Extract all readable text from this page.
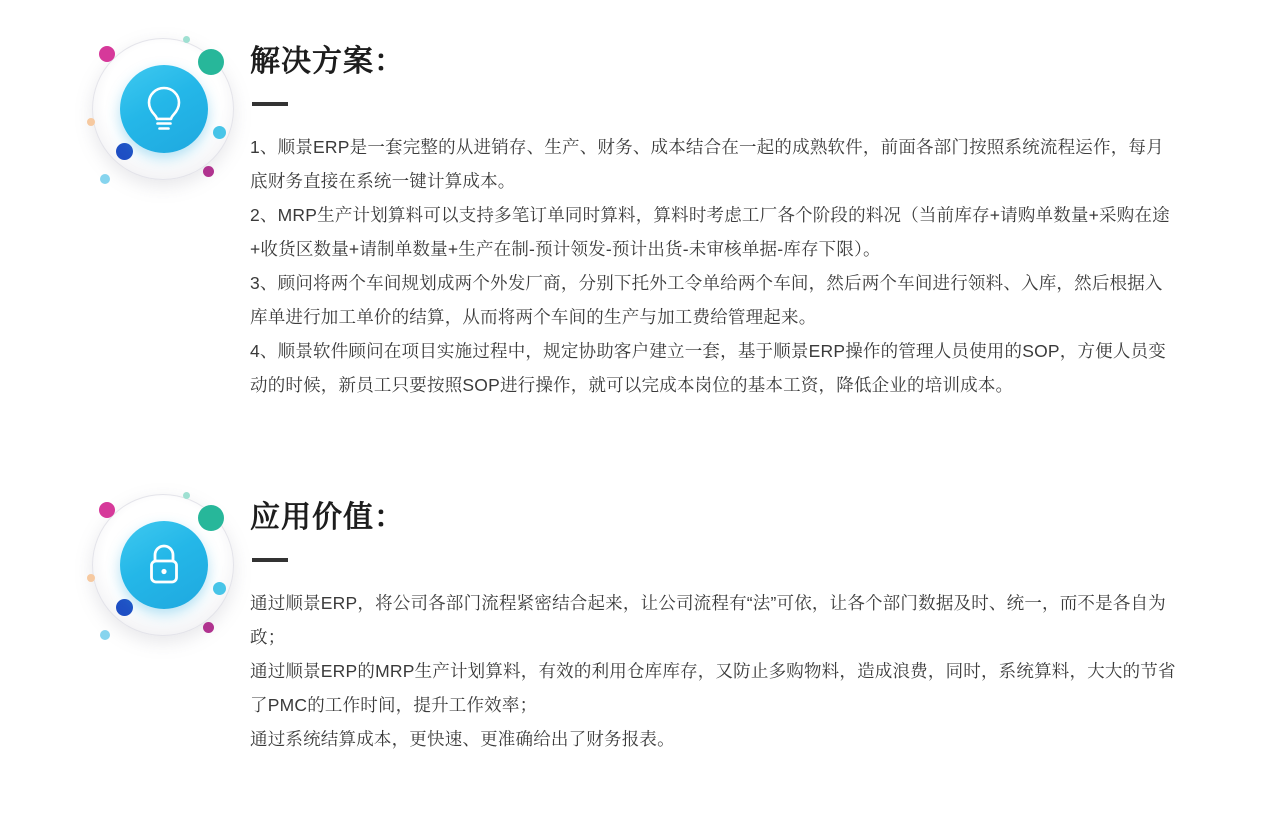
解决方案：

1、顺景ERP是一套完整的从进销存、生产、财务、成本结合在一起的成熟软件，前面各部门按照系统流程运作，每月底财务直接在系统一键计算成本。

2、MRP生产计划算料可以支持多笔订单同时算料，算料时考虑工厂各个阶段的料况（当前库存+请购单数量+采购在途+收货区数量+请制单数量+生产在制-预计领发-预计出货-未审核单据-库存下限）。

3、顾问将两个车间规划成两个外发厂商，分别下托外工令单给两个车间，然后两个车间进行领料、入库，然后根据入库单进行加工单价的结算，从而将两个车间的生产与加工费给管理起来。

4、顺景软件顾问在项目实施过程中，规定协助客户建立一套，基于顺景ERP操作的管理人员使用的SOP，方便人员变动的时候，新员工只要按照SOP进行操作，就可以完成本岗位的基本工资，降低企业的培训成本。

应用价值：

通过顺景ERP，将公司各部门流程紧密结合起来，让公司流程有“法”可依，让各个部门数据及时、统一，而不是各自为政；

通过顺景ERP的MRP生产计划算料，有效的利用仓库库存，又防止多购物料，造成浪费，同时，系统算料，大大的节省了PMC的工作时间，提升工作效率；

通过系统结算成本，更快速、更准确给出了财务报表。
